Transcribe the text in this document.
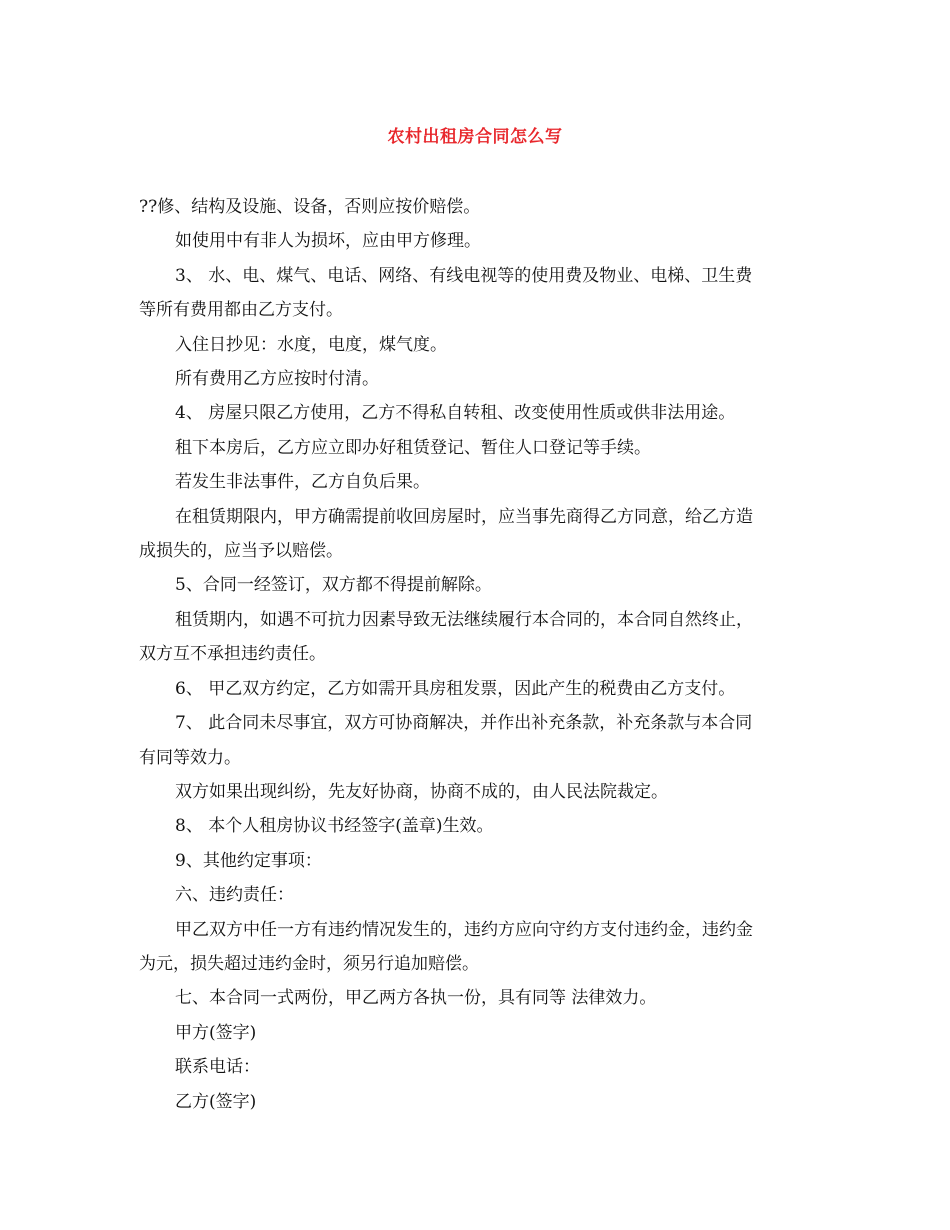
农村出租房合同怎么写

??修、结构及设施、设备，否则应按价赔偿。

如使用中有非人为损坏，应由甲方修理。

3、 水、电、煤气、电话、网络、有线电视等的使用费及物业、电梯、卫生费

等所有费用都由乙方支付。

入住日抄见：水度，电度，煤气度。

所有费用乙方应按时付清。

4、 房屋只限乙方使用，乙方不得私自转租、改变使用性质或供非法用途。

租下本房后，乙方应立即办好租赁登记、暂住人口登记等手续。

若发生非法事件，乙方自负后果。

在租赁期限内，甲方确需提前收回房屋时，应当事先商得乙方同意，给乙方造

成损失的，应当予以赔偿。

5、合同一经签订，双方都不得提前解除。

租赁期内，如遇不可抗力因素导致无法继续履行本合同的，本合同自然终止，

双方互不承担违约责任。

6、 甲乙双方约定，乙方如需开具房租发票，因此产生的税费由乙方支付。

7、 此合同未尽事宜，双方可协商解决，并作出补充条款，补充条款与本合同

有同等效力。

双方如果出现纠纷，先友好协商，协商不成的，由人民法院裁定。

8、 本个人租房协议书经签字(盖章)生效。

9、其他约定事项：

六、违约责任：

甲乙双方中任一方有违约情况发生的，违约方应向守约方支付违约金，违约金

为元，损失超过违约金时，须另行追加赔偿。

七、本合同一式两份，甲乙两方各执一份，具有同等 法律效力。

甲方(签字)

联系电话：

乙方(签字)
